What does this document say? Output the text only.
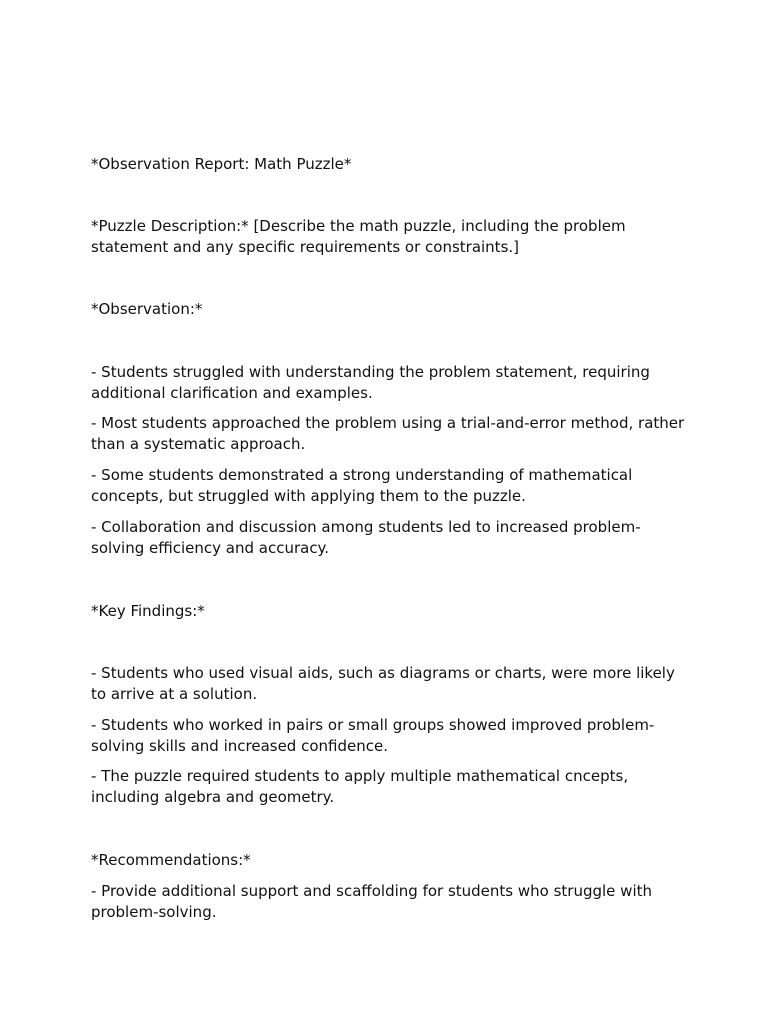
*Observation Report: Math Puzzle*

*Puzzle Description:* [Describe the math puzzle, including the problem statement and any specific requirements or constraints.]

*Observation:*

- Students struggled with understanding the problem statement, requiring additional clarification and examples.

- Most students approached the problem using a trial-and-error method, rather than a systematic approach.

- Some students demonstrated a strong understanding of mathematical concepts, but struggled with applying them to the puzzle.

- Collaboration and discussion among students led to increased problem-solving efficiency and accuracy.

*Key Findings:*

- Students who used visual aids, such as diagrams or charts, were more likely to arrive at a solution.

- Students who worked in pairs or small groups showed improved problem-solving skills and increased confidence.

- The puzzle required students to apply multiple mathematical cncepts, including algebra and geometry.

*Recommendations:*

- Provide additional support and scaffolding for students who struggle with problem-solving.
